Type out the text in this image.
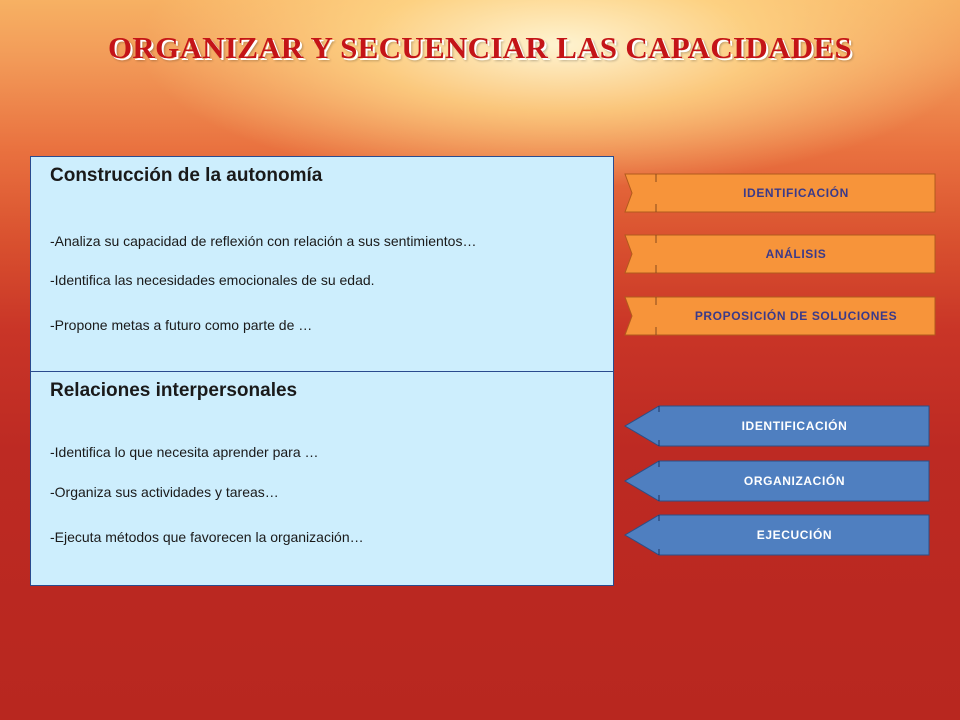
ORGANIZAR Y SECUENCIAR LAS CAPACIDADES
Construcción de la autonomía
-Analiza su capacidad de reflexión con relación a sus sentimientos…
-Identifica las necesidades emocionales de su edad.
-Propone metas a futuro como parte de …
Relaciones interpersonales
-Identifica lo que necesita aprender para …
-Organiza sus actividades y tareas…
-Ejecuta métodos que favorecen la organización…
IDENTIFICACIÓN
ANÁLISIS
PROPOSICIÓN DE SOLUCIONES
IDENTIFICACIÓN
ORGANIZACIÓN
EJECUCIÓN
